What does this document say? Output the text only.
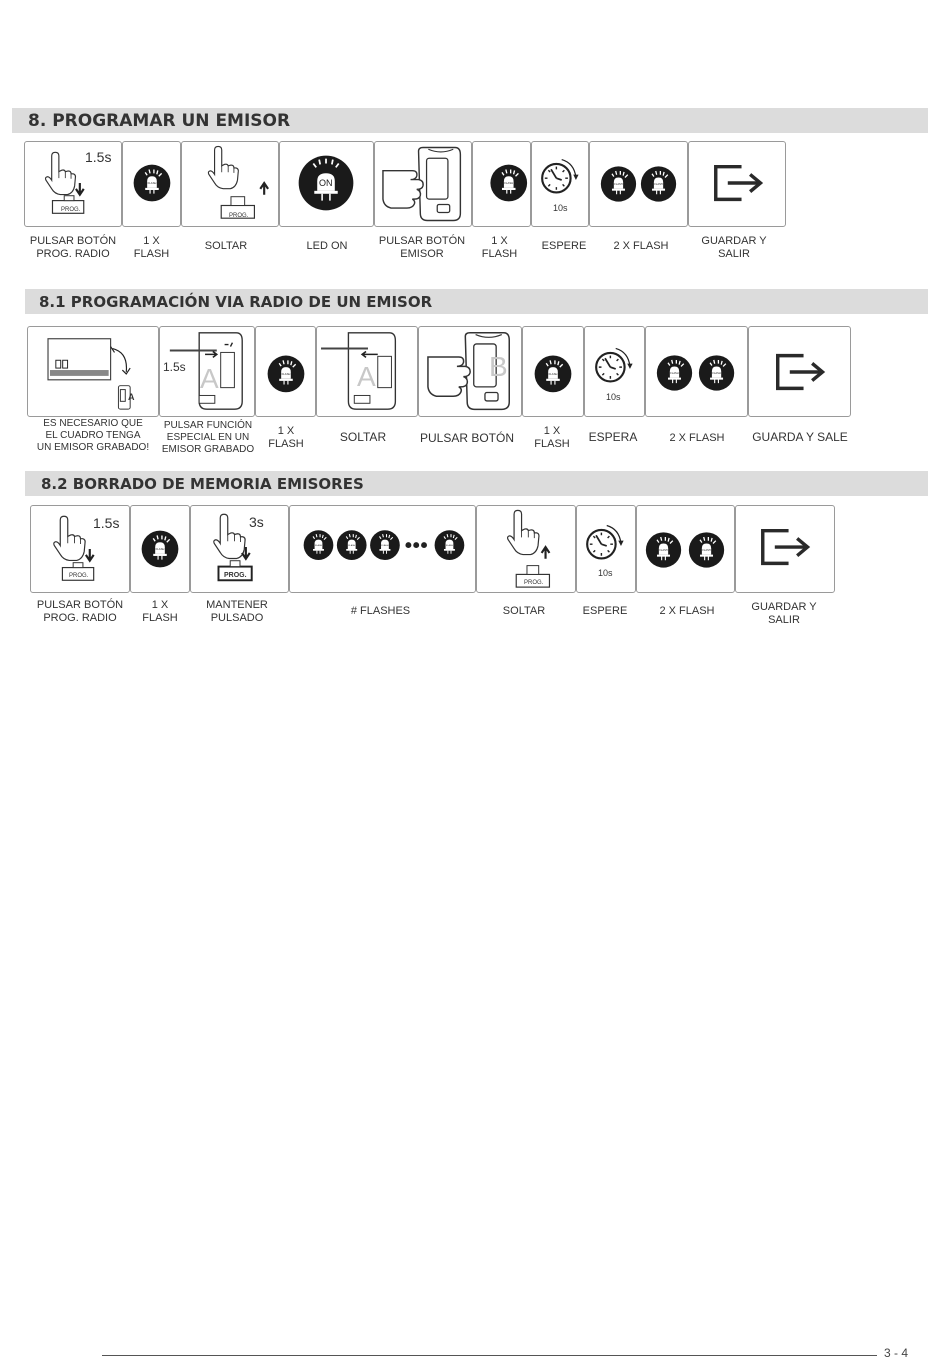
8. PROGRAMAR UN EMISOR
1.5s
PROG.
PROG.
ON
10s
PULSAR BOTÓN
PROG. RADIO
1 X
FLASH
SOLTAR	LED ON	PULSAR BOTÓN
EMISOR
1 X
FLASH
ESPERE	2 X FLASH	GUARDAR Y
SALIR
8.1 PROGRAMACIÓN VIA RADIO DE UN EMISOR
A
1.5s A	A	B
10s
ES NECESARIO QUE
EL CUADRO TENGA
UN EMISOR GRABADO!
PULSAR FUNCIÓN
ESPECIAL EN UN
EMISOR GRABADO
1 X
FLASH	SOLTAR	PULSAR BOTÓN	1 X
FLASH	ESPERA	2 X FLASH	GUARDA Y SALE
8.2 BORRADO DE MEMORIA EMISORES
1.5s
PROG.
3s
PROG.
PROG.
10s
PULSAR BOTÓN
PROG. RADIO
1 X
FLASH
MANTENER
PULSADO
# FLASHES	SOLTAR	ESPERE	2 X FLASH	GUARDAR Y
SALIR
3 - 4
